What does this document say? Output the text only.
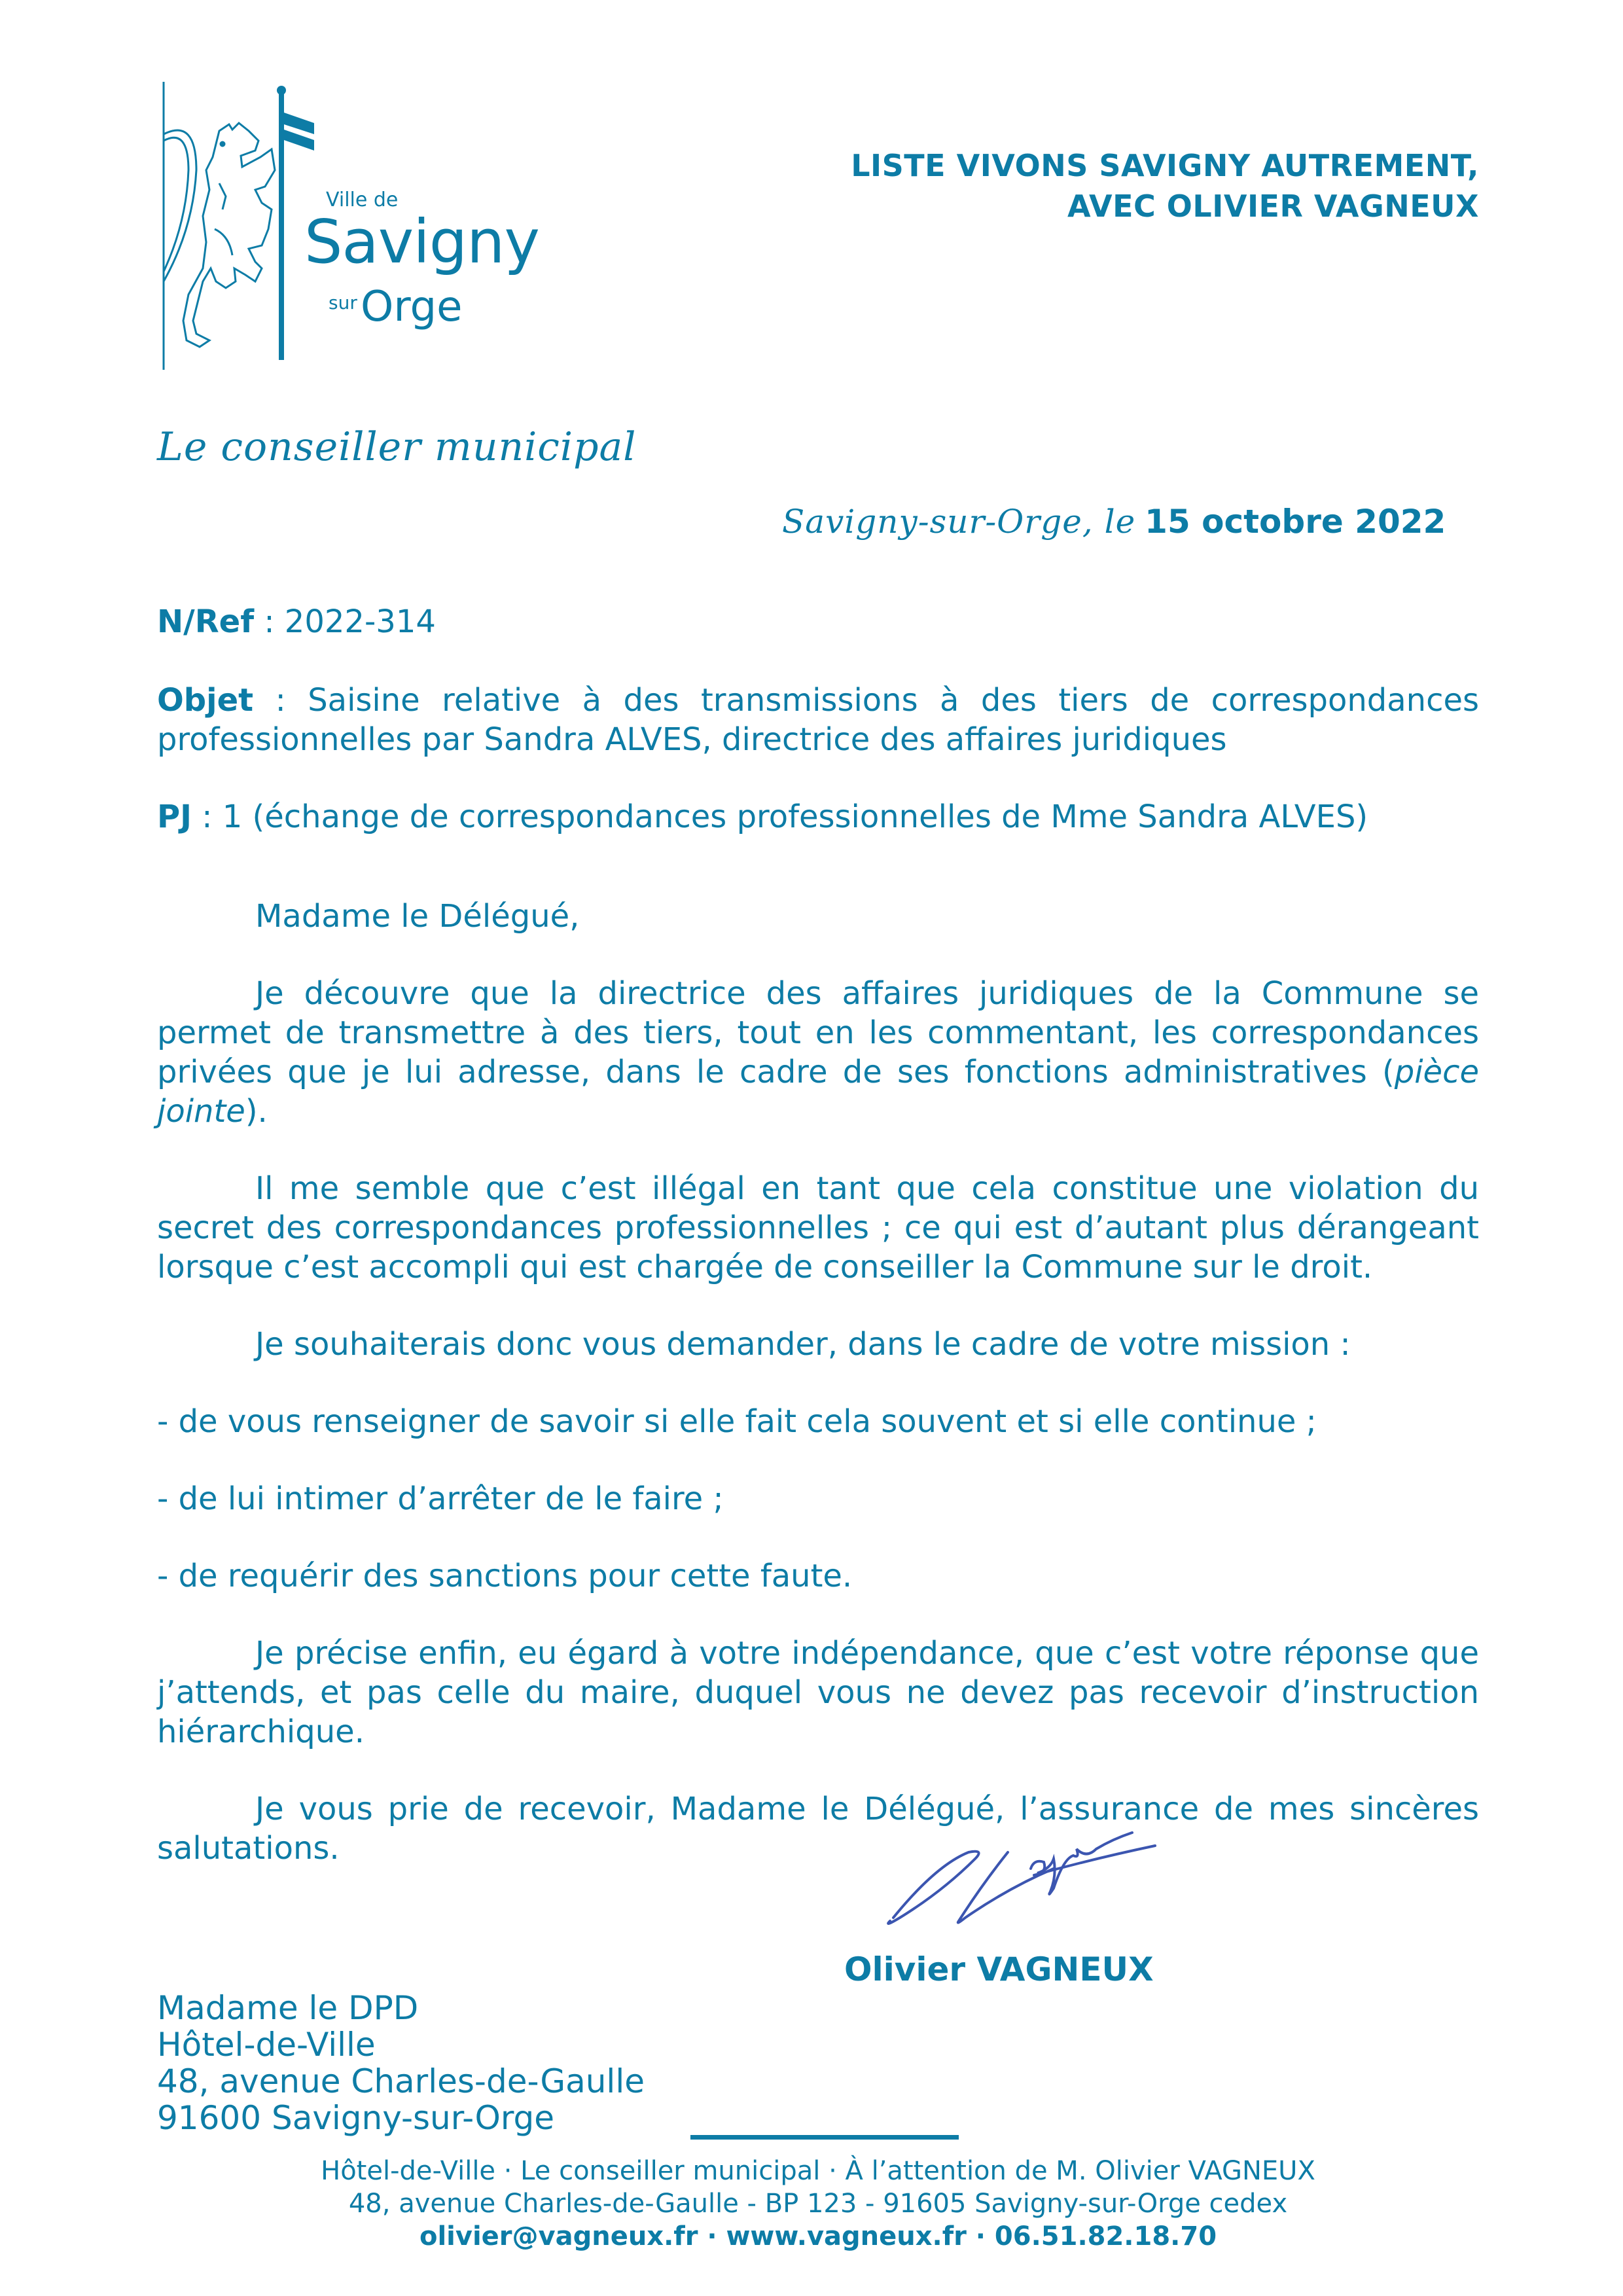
Ville de
Savigny
sur Orge
LISTE VIVONS SAVIGNY AUTREMENT,
AVEC OLIVIER VAGNEUX
Le conseiller municipal
Savigny-sur-Orge, le 15 octobre 2022
N/Ref : 2022-314
Objet : Saisine relative à des transmissions à des tiers de correspondances professionnelles par Sandra ALVES, directrice des affaires juridiques
PJ : 1 (échange de correspondances professionnelles de Mme Sandra ALVES)

Madame le Délégué,

Je découvre que la directrice des affaires juridiques de la Commune se permet de transmettre à des tiers, tout en les commentant, les correspondances privées que je lui adresse, dans le cadre de ses fonctions administratives (pièce jointe).

Il me semble que c’est illégal en tant que cela constitue une violation du secret des correspondances professionnelles ; ce qui est d’autant plus dérangeant lorsque c’est accompli qui est chargée de conseiller la Commune sur le droit.

Je souhaiterais donc vous demander, dans le cadre de votre mission :

- de vous renseigner de savoir si elle fait cela souvent et si elle continue ;

- de lui intimer d’arrêter de le faire ;

- de requérir des sanctions pour cette faute.

Je précise enfin, eu égard à votre indépendance, que c’est votre réponse que j’attends, et pas celle du maire, duquel vous ne devez pas recevoir d’instruction hiérarchique.

Je vous prie de recevoir, Madame le Délégué, l’assurance de mes sincères salutations.

Olivier VAGNEUX
Madame le DPD
Hôtel-de-Ville
48, avenue Charles-de-Gaulle
91600 Savigny-sur-Orge
Hôtel-de-Ville · Le conseiller municipal · À l’attention de M. Olivier VAGNEUX
48, avenue Charles-de-Gaulle - BP 123 - 91605 Savigny-sur-Orge cedex
olivier@vagneux.fr · www.vagneux.fr · 06.51.82.18.70
